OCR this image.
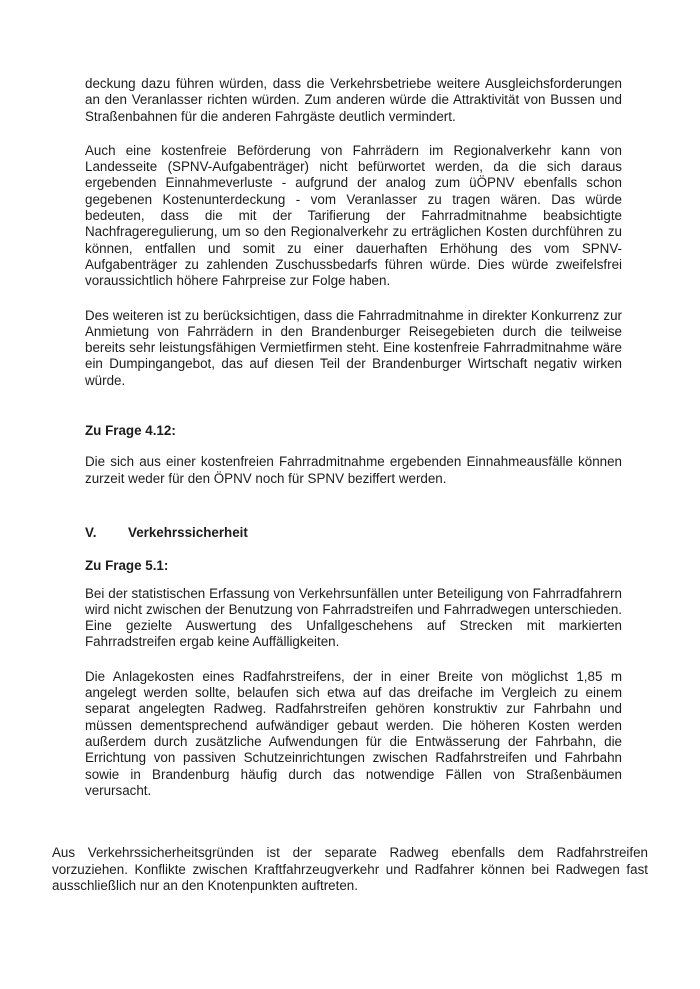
deckung dazu führen würden, dass die Verkehrsbetriebe weitere Ausgleichsforderungen an den Veranlasser richten würden. Zum anderen würde die Attraktivität von Bussen und Straßenbahnen für die anderen Fahrgäste deutlich vermindert.

Auch eine kostenfreie Beförderung von Fahrrädern im Regionalverkehr kann von Landesseite (SPNV-Aufgabenträger) nicht befürwortet werden, da die sich daraus ergebenden Einnahmeverluste - aufgrund der analog zum üÖPNV ebenfalls schon gegebenen Kostenunterdeckung - vom Veranlasser zu tragen wären. Das würde bedeuten, dass die mit der Tarifierung der Fahrradmitnahme beabsichtigte Nachfrageregulierung, um so den Regionalverkehr zu erträglichen Kosten durchführen zu können, entfallen und somit zu einer dauerhaften Erhöhung des vom SPNV-Aufgabenträger zu zahlenden Zuschussbedarfs führen würde. Dies würde zweifelsfrei voraussichtlich höhere Fahrpreise zur Folge haben.

Des weiteren ist zu berücksichtigen, dass die Fahrradmitnahme in direkter Konkurrenz zur Anmietung von Fahrrädern in den Brandenburger Reisegebieten durch die teilweise bereits sehr leistungsfähigen Vermietfirmen steht. Eine kostenfreie Fahrradmitnahme wäre ein Dumpingangebot, das auf diesen Teil der Brandenburger Wirtschaft negativ wirken würde.

Zu Frage 4.12:

Die sich aus einer kostenfreien Fahrradmitnahme ergebenden Einnahmeausfälle können zurzeit weder für den ÖPNV noch für SPNV beziffert werden.

V.	Verkehrssicherheit
Zu Frage 5.1:

Bei der statistischen Erfassung von Verkehrsunfällen unter Beteiligung von Fahrradfahrern wird nicht zwischen der Benutzung von Fahrradstreifen und Fahrradwegen unterschieden. Eine gezielte Auswertung des Unfallgeschehens auf Strecken mit markierten Fahrradstreifen ergab keine Auffälligkeiten.

Die Anlagekosten eines Radfahrstreifens, der in einer Breite von möglichst 1,85 m angelegt werden sollte, belaufen sich etwa auf das dreifache im Vergleich zu einem separat angelegten Radweg. Radfahrstreifen gehören konstruktiv zur Fahrbahn und müssen dementsprechend aufwändiger gebaut werden. Die höheren Kosten werden außerdem durch zusätzliche Aufwendungen für die Entwässerung der Fahrbahn, die Errichtung von passiven Schutzeinrichtungen zwischen Radfahrstreifen und Fahrbahn sowie in Brandenburg häufig durch das notwendige Fällen von Straßenbäumen verursacht.

Aus Verkehrssicherheitsgründen ist der separate Radweg ebenfalls dem Radfahrstreifen vorzuziehen. Konflikte zwischen Kraftfahrzeugverkehr und Radfahrer können bei Radwegen fast ausschließlich nur an den Knotenpunkten auftreten.
